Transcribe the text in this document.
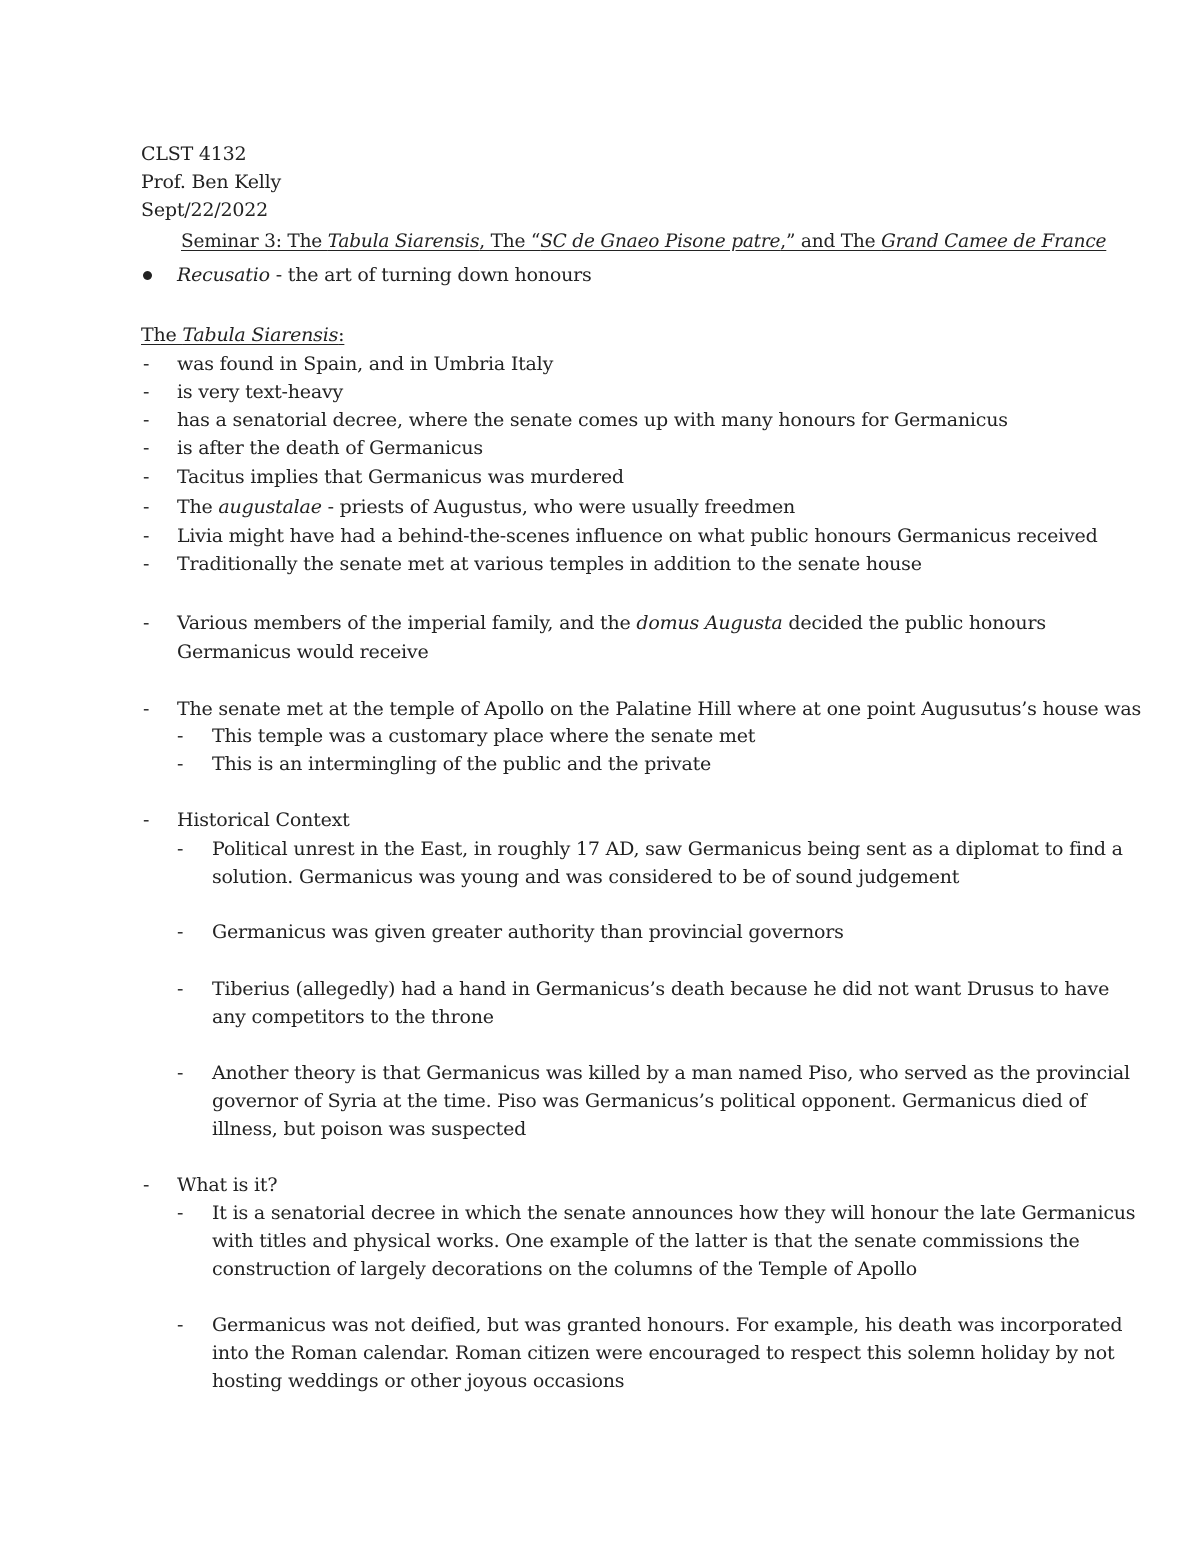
CLST 4132
Prof. Ben Kelly
Sept/22/2022
Seminar 3: The Tabula Siarensis, The “SC de Gnaeo Pisone patre,” and The Grand Camee de France
Recusatio - the art of turning down honours
The Tabula Siarensis:
- was found in Spain, and in Umbria Italy
- is very text-heavy
- has a senatorial decree, where the senate comes up with many honours for Germanicus
- is after the death of Germanicus
- Tacitus implies that Germanicus was murdered
- The augustalae - priests of Augustus, who were usually freedmen
- Livia might have had a behind-the-scenes influence on what public honours Germanicus received
- Traditionally the senate met at various temples in addition to the senate house
- Various members of the imperial family, and the domus Augusta decided the public honours
Germanicus would receive
- The senate met at the temple of Apollo on the Palatine Hill where at one point Augusutus’s house was
- This temple was a customary place where the senate met
- This is an intermingling of the public and the private
- Historical Context
- Political unrest in the East, in roughly 17 AD, saw Germanicus being sent as a diplomat to find a
solution. Germanicus was young and was considered to be of sound judgement
- Germanicus was given greater authority than provincial governors
- Tiberius (allegedly) had a hand in Germanicus’s death because he did not want Drusus to have
any competitors to the throne
- Another theory is that Germanicus was killed by a man named Piso, who served as the provincial
governor of Syria at the time. Piso was Germanicus’s political opponent. Germanicus died of
illness, but poison was suspected
- What is it?
- It is a senatorial decree in which the senate announces how they will honour the late Germanicus
with titles and physical works. One example of the latter is that the senate commissions the
construction of largely decorations on the columns of the Temple of Apollo
- Germanicus was not deified, but was granted honours. For example, his death was incorporated
into the Roman calendar. Roman citizen were encouraged to respect this solemn holiday by not
hosting weddings or other joyous occasions
